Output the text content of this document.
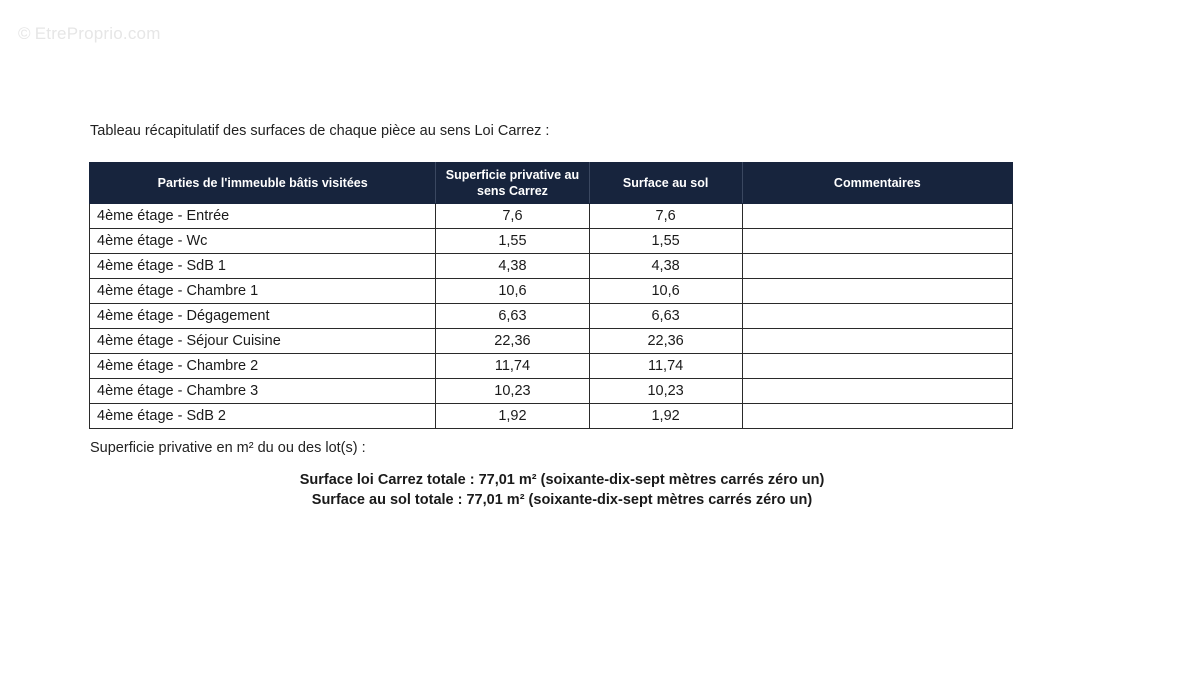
© EtreProprio.com
Tableau récapitulatif des surfaces de chaque pièce au sens Loi Carrez :
Parties de l'immeuble bâtis visitées	Superficie privative au sens Carrez	Surface au sol	Commentaires
4ème étage - Entrée	7,6	7,6	
4ème étage - Wc	1,55	1,55	
4ème étage - SdB 1	4,38	4,38	
4ème étage - Chambre 1	10,6	10,6	
4ème étage - Dégagement	6,63	6,63	
4ème étage - Séjour Cuisine	22,36	22,36	
4ème étage - Chambre 2	11,74	11,74	
4ème étage - Chambre 3	10,23	10,23	
4ème étage - SdB 2	1,92	1,92	
Superficie privative en m² du ou des lot(s) :
Surface loi Carrez totale : 77,01 m² (soixante-dix-sept mètres carrés zéro un)
Surface au sol totale : 77,01 m² (soixante-dix-sept mètres carrés zéro un)
